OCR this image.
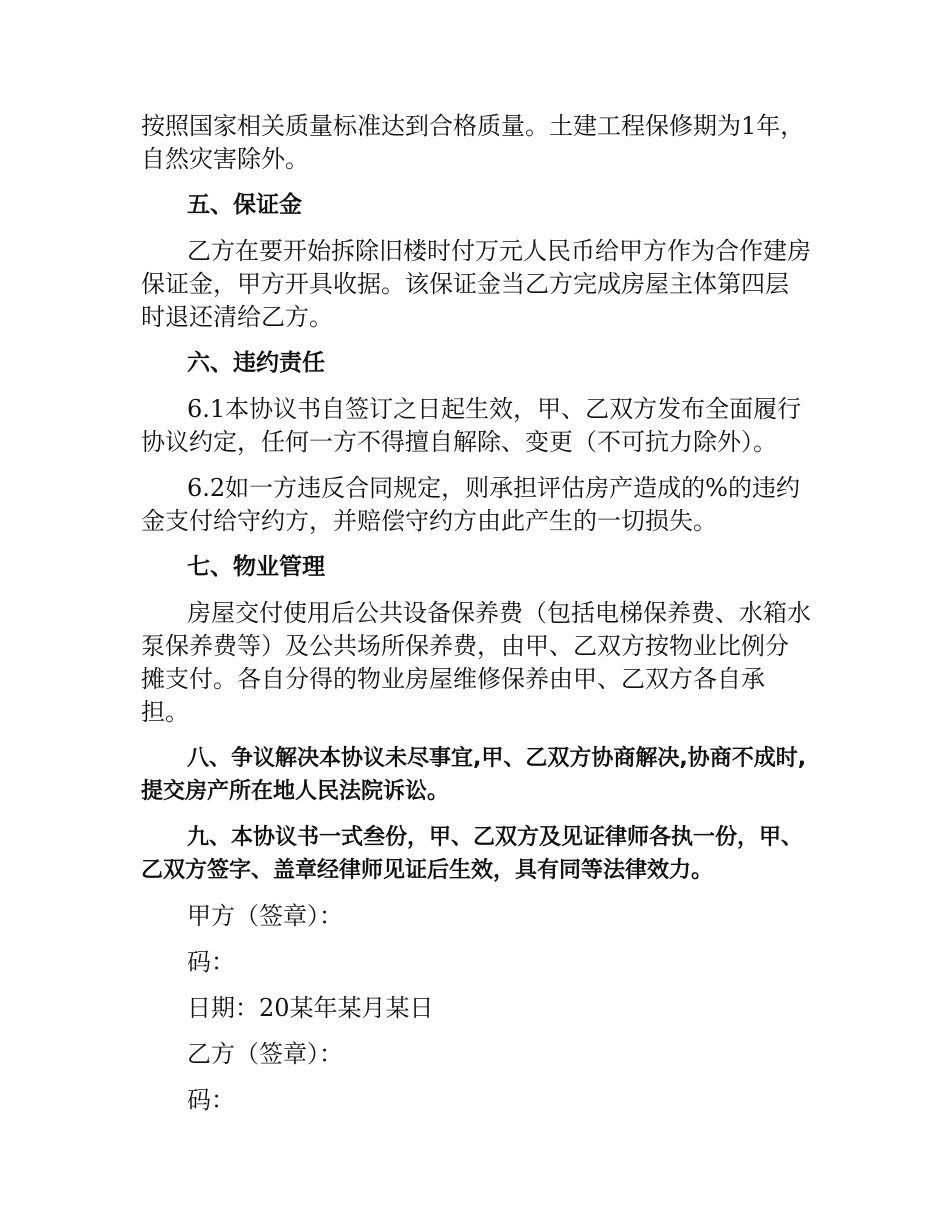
按照国家相关质量标准达到合格质量。土建工程保修期为1年，自然灾害除外。

五、保证金

乙方在要开始拆除旧楼时付万元人民币给甲方作为合作建房保证金，甲方开具收据。该保证金当乙方完成房屋主体第四层时退还清给乙方。

六、违约责任

6.1本协议书自签订之日起生效，甲、乙双方发布全面履行协议约定，任何一方不得擅自解除、变更（不可抗力除外）。

6.2如一方违反合同规定，则承担评估房产造成的%的违约金支付给守约方，并赔偿守约方由此产生的一切损失。

七、物业管理

房屋交付使用后公共设备保养费（包括电梯保养费、水箱水泵保养费等）及公共场所保养费，由甲、乙双方按物业比例分摊支付。各自分得的物业房屋维修保养由甲、乙双方各自承担。

八、争议解决本协议未尽事宜,甲、乙双方协商解决,协商不成时,提交房产所在地人民法院诉讼。

九、本协议书一式叁份，甲、乙双方及见证律师各执一份，甲、乙双方签字、盖章经律师见证后生效，具有同等法律效力。

甲方（签章）：

码：

日期：20某年某月某日

乙方（签章）：

码：
